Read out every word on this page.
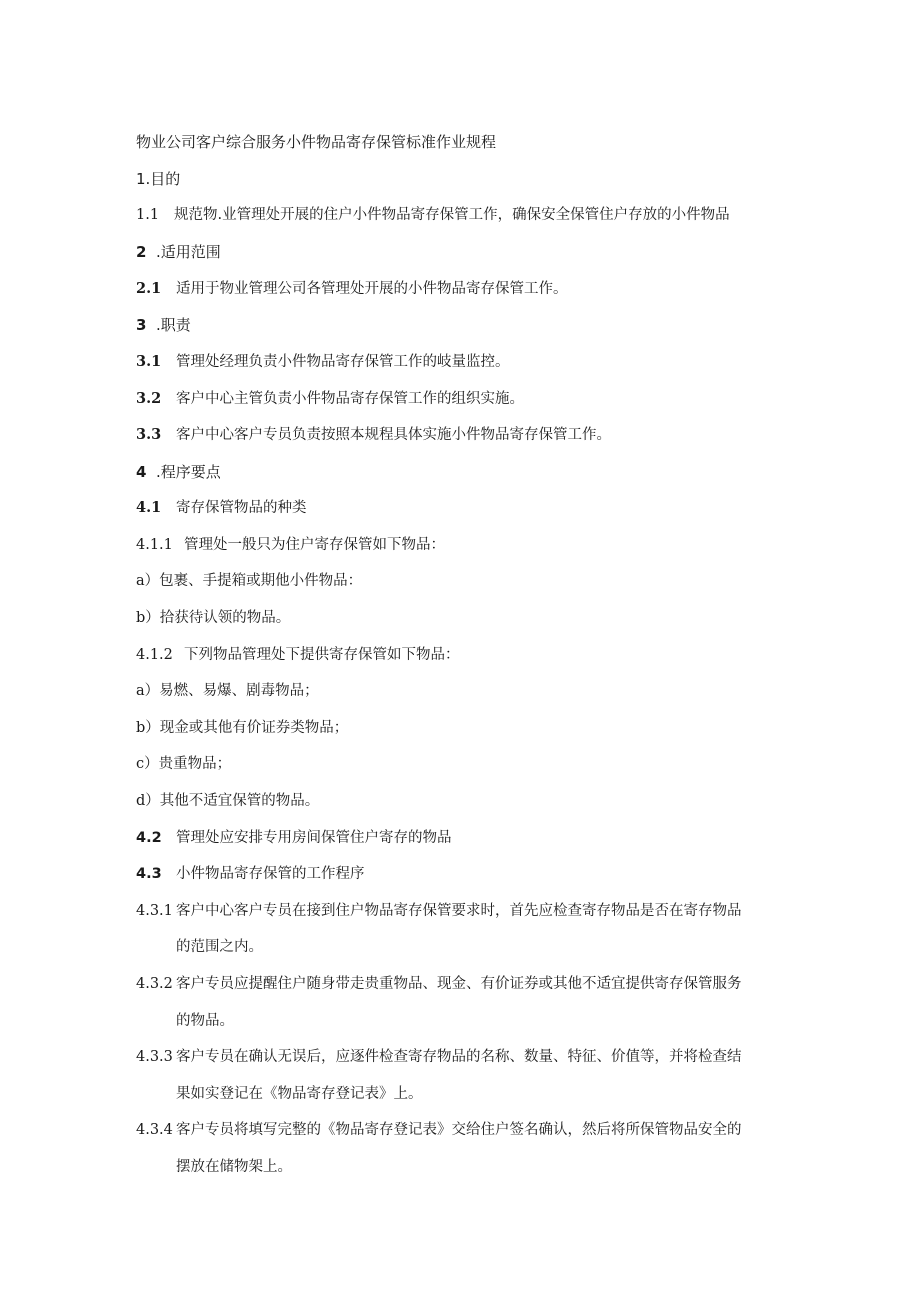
物业公司客户综合服务小件物品寄存保管标准作业规程
1.目的
1.1 规范物.业管理处开展的住户小件物品寄存保管工作，确保安全保管住户存放的小件物品
2 .适用范围
2.1 适用于物业管理公司各管理处开展的小件物品寄存保管工作。
3 .职责
3.1 管理处经理负责小件物品寄存保管工作的岐量监控。
3.2 客户中心主管负责小件物品寄存保管工作的组织实施。
3.3 客户中心客户专员负责按照本规程具体实施小件物品寄存保管工作。
4 .程序要点
4.1 寄存保管物品的种类
4.1.1 管理处一般只为住户寄存保管如下物品：
a）包裹、手提箱或期他小件物品：
b）拾获待认领的物品。
4.1.2 下列物品管理处下提供寄存保管如下物品：
a）易燃、易爆、剧毒物品；
b）现金或其他有价证券类物品；
c）贵重物品；
d）其他不适宜保管的物品。
4.2 管理处应安排专用房间保管住户寄存的物品
4.3 小件物品寄存保管的工作程序
4.3.1 客户中心客户专员在接到住户物品寄存保管要求时，首先应检查寄存物品是否在寄存物品
的范围之内。
4.3.2 客户专员应提醒住户随身带走贵重物品、现金、有价证券或其他不适宜提供寄存保管服务
的物品。
4.3.3 客户专员在确认无误后，应逐件检查寄存物品的名称、数量、特征、价值等，并将检查结
果如实登记在《物品寄存登记表》上。
4.3.4 客户专员将填写完整的《物品寄存登记表》交给住户签名确认，然后将所保管物品安全的
摆放在储物架上。
